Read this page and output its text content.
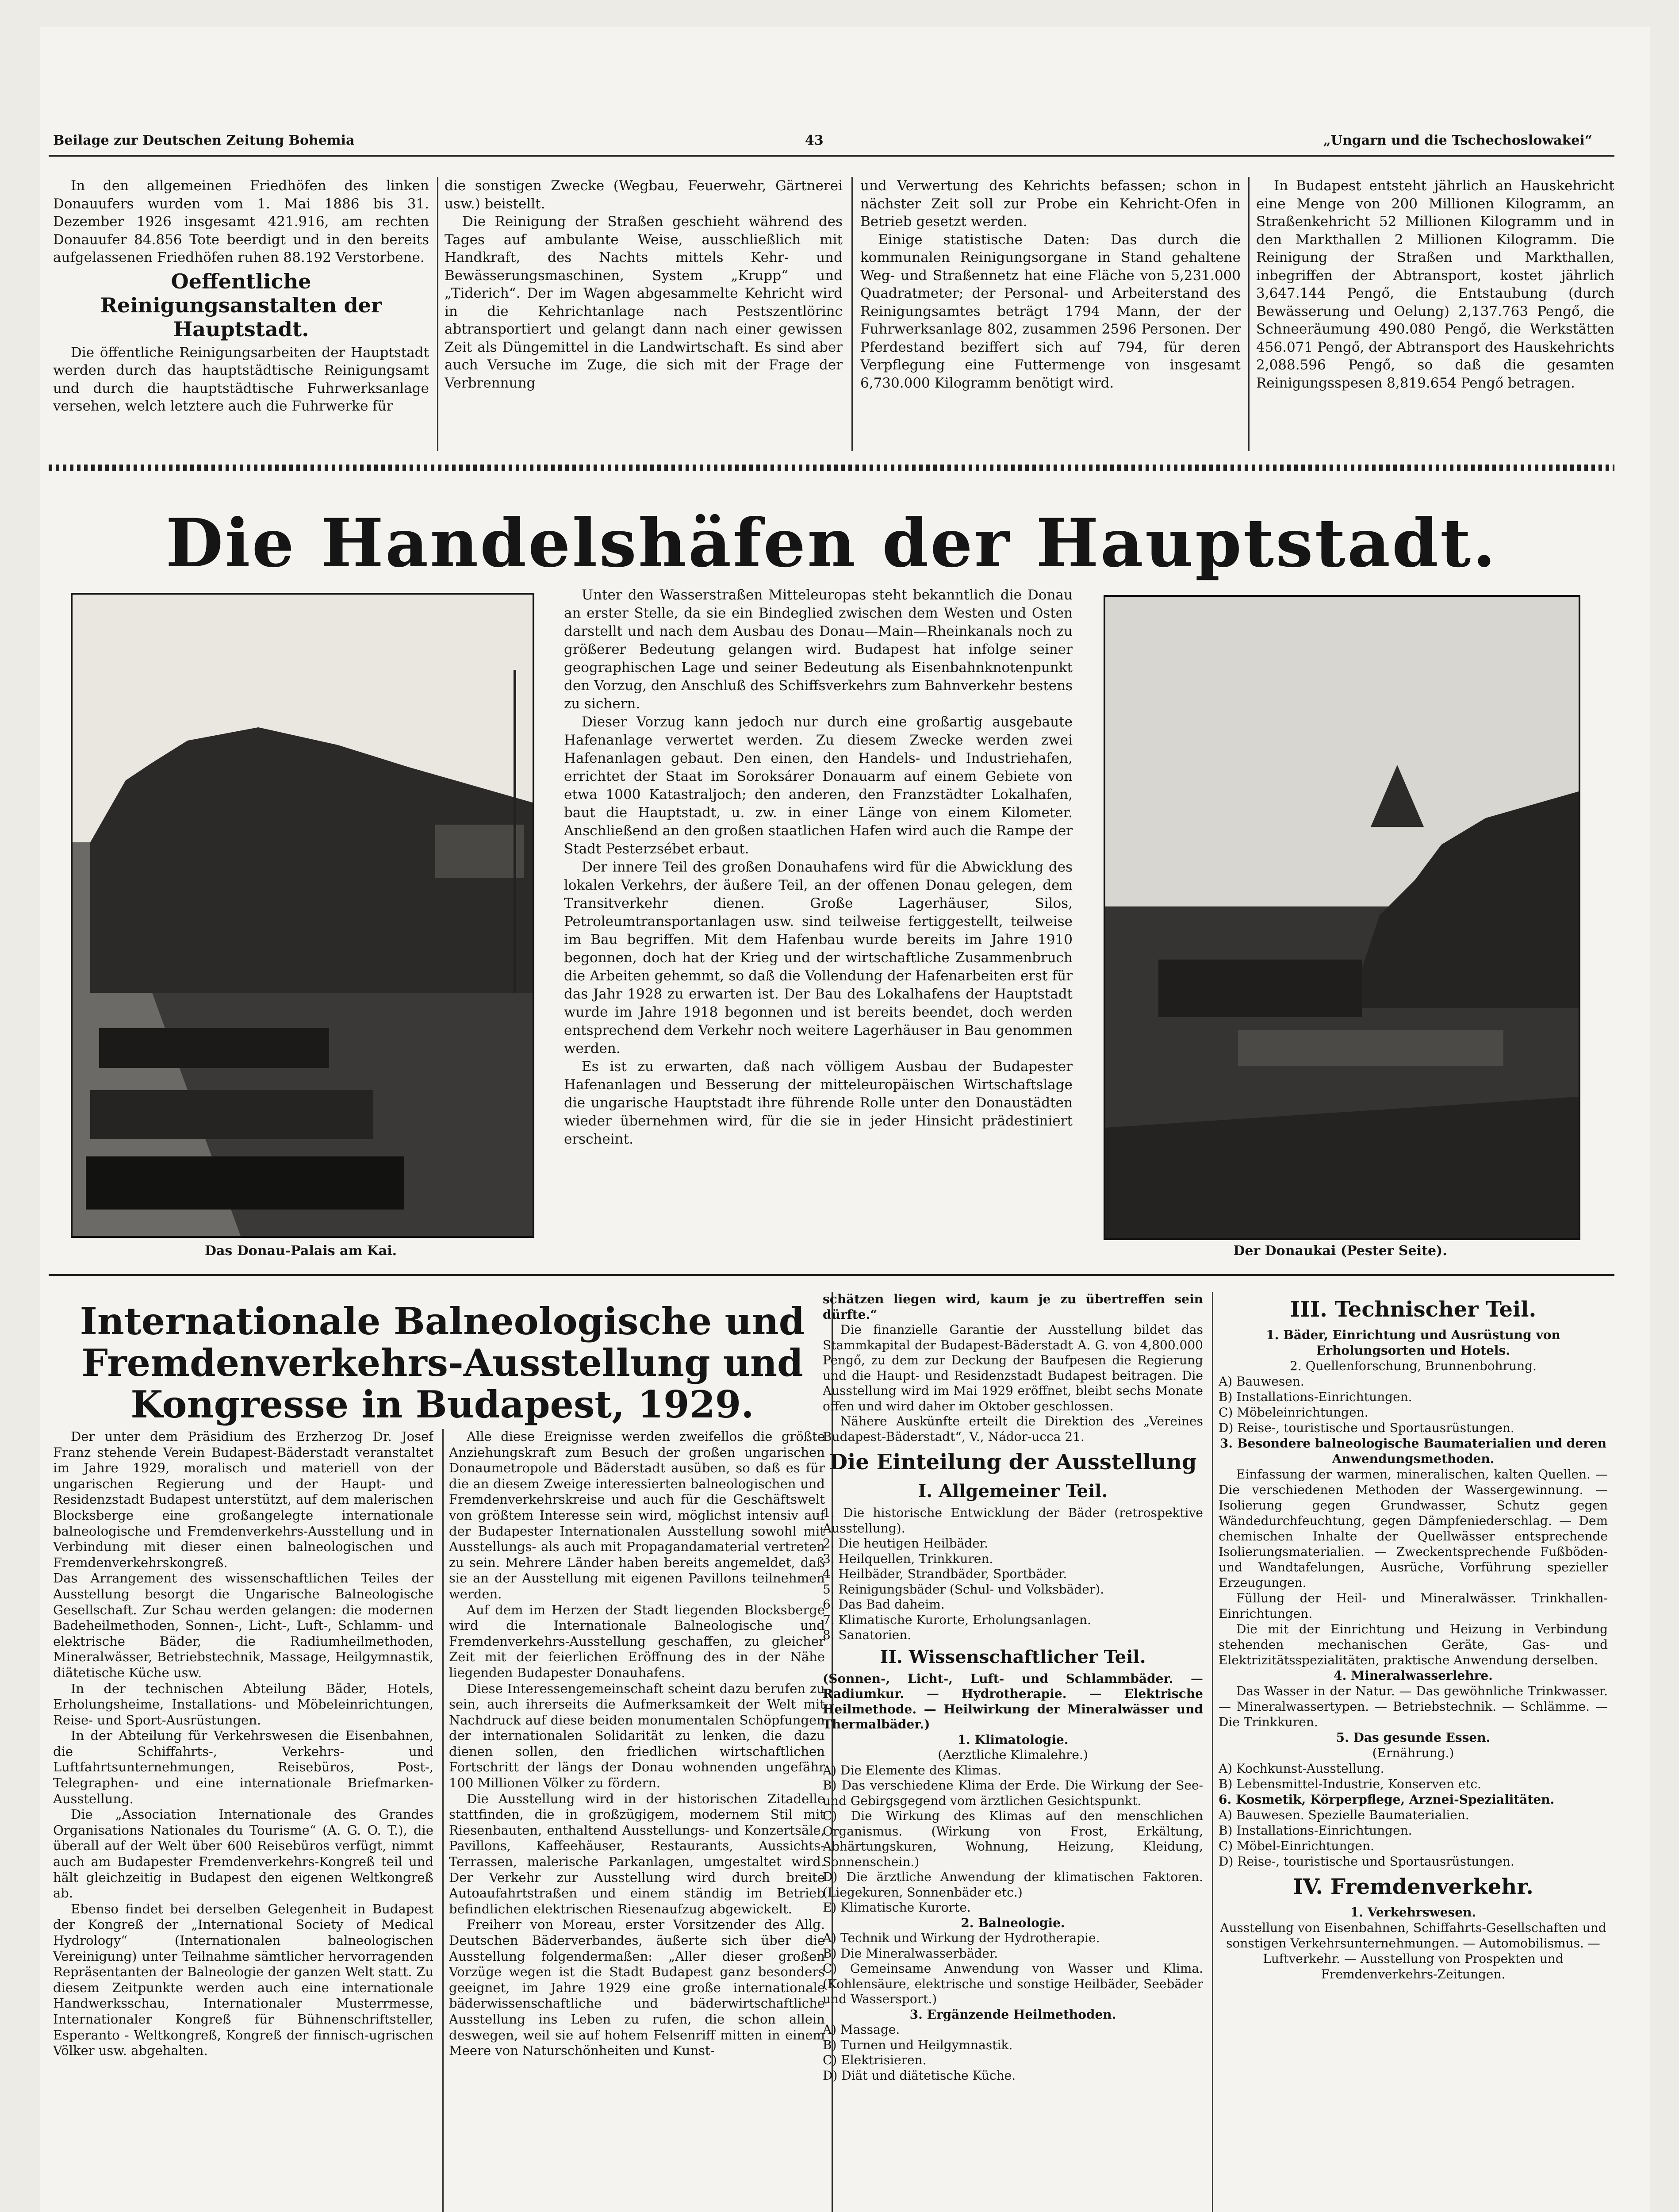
Beilage zur Deutschen Zeitung Bohemia	43	„Ungarn und die Tschechoslowakei“

In den allgemeinen Friedhöfen des linken Donauufers wurden vom 1. Mai 1886 bis 31. Dezember 1926 insgesamt 421.916, am rechten Donauufer 84.856 Tote beerdigt und in den bereits aufgelassenen Friedhöfen ruhen 88.192 Verstorbene.

Oeffentliche Reinigungsanstalten der Hauptstadt.

Die öffentliche Reinigungsarbeiten der Hauptstadt werden durch das hauptstädtische Reinigungsamt und durch die hauptstädtische Fuhrwerksanlage versehen, welch letztere auch die Fuhrwerke für

die sonstigen Zwecke (Wegbau, Feuerwehr, Gärtnerei usw.) beistellt.

Die Reinigung der Straßen geschieht während des Tages auf ambulante Weise, ausschließlich mit Handkraft, des Nachts mittels Kehr- und Bewässerungsmaschinen, System „Krupp“ und „Tiderich“. Der im Wagen abgesammelte Kehricht wird in die Kehrichtanlage nach Pestszentlörinc abtransportiert und gelangt dann nach einer gewissen Zeit als Düngemittel in die Landwirtschaft. Es sind aber auch Versuche im Zuge, die sich mit der Frage der Verbrennung

und Verwertung des Kehrichts befassen; schon in nächster Zeit soll zur Probe ein Kehricht-Ofen in Betrieb gesetzt werden.

Einige statistische Daten: Das durch die kommunalen Reinigungsorgane in Stand gehaltene Weg- und Straßennetz hat eine Fläche von 5,231.000 Quadratmeter; der Personal- und Arbeiterstand des Reinigungsamtes beträgt 1794 Mann, der der Fuhrwerksanlage 802, zusammen 2596 Personen. Der Pferdestand beziffert sich auf 794, für deren Verpflegung eine Futtermenge von insgesamt 6,730.000 Kilogramm benötigt wird.

In Budapest entsteht jährlich an Hauskehricht eine Menge von 200 Millionen Kilogramm, an Straßenkehricht 52 Millionen Kilogramm und in den Markthallen 2 Millionen Kilogramm. Die Reinigung der Straßen und Markthallen, inbegriffen der Abtransport, kostet jährlich 3,647.144 Pengő, die Entstaubung (durch Bewässerung und Oelung) 2,137.763 Pengő, die Schneeräumung 490.080 Pengő, die Werkstätten 456.071 Pengő, der Abtransport des Hauskehrichts 2,088.596 Pengő, so daß die gesamten Reinigungsspesen 8,819.654 Pengő betragen.

Die Handelshäfen der Hauptstadt.
Das Donau-Palais am Kai.

Unter den Wasserstraßen Mitteleuropas steht bekanntlich die Donau an erster Stelle, da sie ein Bindeglied zwischen dem Westen und Osten darstellt und nach dem Ausbau des Donau—Main—Rheinkanals noch zu größerer Bedeutung gelangen wird. Budapest hat infolge seiner geographischen Lage und seiner Bedeutung als Eisenbahnknotenpunkt den Vorzug, den Anschluß des Schiffsverkehrs zum Bahnverkehr bestens zu sichern.

Dieser Vorzug kann jedoch nur durch eine großartig ausgebaute Hafenanlage verwertet werden. Zu diesem Zwecke werden zwei Hafenanlagen gebaut. Den einen, den Handels- und Industriehafen, errichtet der Staat im Soroksárer Donauarm auf einem Gebiete von etwa 1000 Katastraljoch; den anderen, den Franzstädter Lokalhafen, baut die Hauptstadt, u. zw. in einer Länge von einem Kilometer. Anschließend an den großen staatlichen Hafen wird auch die Rampe der Stadt Pesterzsébet erbaut.

Der innere Teil des großen Donauhafens wird für die Abwicklung des lokalen Verkehrs, der äußere Teil, an der offenen Donau gelegen, dem Transitverkehr dienen. Große Lagerhäuser, Silos, Petroleumtransportanlagen usw. sind teilweise fertiggestellt, teilweise im Bau begriffen. Mit dem Hafenbau wurde bereits im Jahre 1910 begonnen, doch hat der Krieg und der wirtschaftliche Zusammenbruch die Arbeiten gehemmt, so daß die Vollendung der Hafenarbeiten erst für das Jahr 1928 zu erwarten ist. Der Bau des Lokalhafens der Hauptstadt wurde im Jahre 1918 begonnen und ist bereits beendet, doch werden entsprechend dem Verkehr noch weitere Lagerhäuser in Bau genommen werden.

Es ist zu erwarten, daß nach völligem Ausbau der Budapester Hafenanlagen und Besserung der mitteleuropäischen Wirtschaftslage die ungarische Hauptstadt ihre führende Rolle unter den Donaustädten wieder übernehmen wird, für die sie in jeder Hinsicht prädestiniert erscheint.

Der Donaukai (Pester Seite).
Internationale Balneologische und Fremdenverkehrs-Ausstellung und Kongresse in Budapest, 1929.

Der unter dem Präsidium des Erzherzog Dr. Josef Franz stehende Verein Budapest-Bäderstadt veranstaltet im Jahre 1929, moralisch und materiell von der ungarischen Regierung und der Haupt- und Residenzstadt Budapest unterstützt, auf dem malerischen Blocksberge eine großangelegte internationale balneologische und Fremdenverkehrs-Ausstellung und in Verbindung mit dieser einen balneologischen und Fremdenverkehrskongreß.

Das Arrangement des wissenschaftlichen Teiles der Ausstellung besorgt die Ungarische Balneologische Gesellschaft. Zur Schau werden gelangen: die modernen Badeheilmethoden, Sonnen-, Licht-, Luft-, Schlamm- und elektrische Bäder, die Radiumheilmethoden, Mineralwässer, Betriebstechnik, Massage, Heilgymnastik, diätetische Küche usw.

In der technischen Abteilung Bäder, Hotels, Erholungsheime, Installations- und Möbeleinrichtungen, Reise- und Sport-Ausrüstungen.

In der Abteilung für Verkehrswesen die Eisenbahnen, die Schiffahrts-, Verkehrs- und Luftfahrtsunternehmungen, Reisebüros, Post-, Telegraphen- und eine internationale Briefmarken-Ausstellung.

Die „Association Internationale des Grandes Organisations Nationales du Tourisme“ (A. G. O. T.), die überall auf der Welt über 600 Reisebüros verfügt, nimmt auch am Budapester Fremdenverkehrs-Kongreß teil und hält gleichzeitig in Budapest den eigenen Weltkongreß ab.

Ebenso findet bei derselben Gelegenheit in Budapest der Kongreß der „International Society of Medical Hydrology“ (Internationalen balneologischen Vereinigung) unter Teilnahme sämtlicher hervorragenden Repräsentanten der Balneologie der ganzen Welt statt. Zu diesem Zeitpunkte werden auch eine internationale Handwerksschau, Internationaler Musterrmesse, Internationaler Kongreß für Bühnenschriftsteller, Esperanto - Weltkongreß, Kongreß der finnisch-ugrischen Völker usw. abgehalten.

Alle diese Ereignisse werden zweifellos die größte Anziehungskraft zum Besuch der großen ungarischen Donaumetropole und Bäderstadt ausüben, so daß es für die an diesem Zweige interessierten balneologischen und Fremdenverkehrskreise und auch für die Geschäftswelt von größtem Interesse sein wird, möglichst intensiv auf der Budapester Internationalen Ausstellung sowohl mit Ausstellungs- als auch mit Propagandamaterial vertreten zu sein. Mehrere Länder haben bereits angemeldet, daß sie an der Ausstellung mit eigenen Pavillons teilnehmen werden.

Auf dem im Herzen der Stadt liegenden Blocksberge wird die Internationale Balneologische und Fremdenverkehrs-Ausstellung geschaffen, zu gleicher Zeit mit der feierlichen Eröffnung des in der Nähe liegenden Budapester Donauhafens.

Diese Interessengemeinschaft scheint dazu berufen zu sein, auch ihrerseits die Aufmerksamkeit der Welt mit Nachdruck auf diese beiden monumentalen Schöpfungen der internationalen Solidarität zu lenken, die dazu dienen sollen, den friedlichen wirtschaftlichen Fortschritt der längs der Donau wohnenden ungefähr 100 Millionen Völker zu fördern.

Die Ausstellung wird in der historischen Zitadelle stattfinden, die in großzügigem, modernem Stil mit Riesenbauten, enthaltend Ausstellungs- und Konzertsäle, Pavillons, Kaffeehäuser, Restaurants, Aussichts-Terrassen, malerische Parkanlagen, umgestaltet wird. Der Verkehr zur Ausstellung wird durch breite Autoaufahrtstraßen und einem ständig im Betrieb befindlichen elektrischen Riesenaufzug abgewickelt.

Freiherr von Moreau, erster Vorsitzender des Allg. Deutschen Bäderverbandes, äußerte sich über die Ausstellung folgendermaßen: „Aller dieser großen Vorzüge wegen ist die Stadt Budapest ganz besonders geeignet, im Jahre 1929 eine große internationale bäderwissenschaftliche und bäderwirtschaftliche Ausstellung ins Leben zu rufen, die schon allein deswegen, weil sie auf hohem Felsenriff mitten in einem Meere von Naturschönheiten und Kunst-

schätzen liegen wird, kaum je zu übertreffen sein dürfte.“

Die finanzielle Garantie der Ausstellung bildet das Stammkapital der Budapest-Bäderstadt A. G. von 4,800.000 Pengő, zu dem zur Deckung der Baufpesen die Regierung und die Haupt- und Residenzstadt Budapest beitragen. Die Ausstellung wird im Mai 1929 eröffnet, bleibt sechs Monate offen und wird daher im Oktober geschlossen.

Nähere Auskünfte erteilt die Direktion des „Vereines Budapest-Bäderstadt“, V., Nádor-ucca 21.

Die Einteilung der Ausstellung
I. Allgemeiner Teil.
1. Die historische Entwicklung der Bäder (retrospektive Ausstellung).
2. Die heutigen Heilbäder.
3. Heilquellen, Trinkkuren.
4. Heilbäder, Strandbäder, Sportbäder.
5. Reinigungsbäder (Schul- und Volksbäder).
6. Das Bad daheim.
7. Klimatische Kurorte, Erholungsanlagen.
8. Sanatorien.
II. Wissenschaftlicher Teil.

(Sonnen-, Licht-, Luft- und Schlammbäder. — Radiumkur. — Hydrotherapie. — Elektrische Heilmethode. — Heilwirkung der Mineralwässer und Thermalbäder.)

1. Klimatologie.
(Aerztliche Klimalehre.)
A) Die Elemente des Klimas.
B) Das verschiedene Klima der Erde. Die Wirkung der See- und Gebirgsgegend vom ärztlichen Gesichtspunkt.
C) Die Wirkung des Klimas auf den menschlichen Organismus. (Wirkung von Frost, Erkältung, Abhärtungskuren, Wohnung, Heizung, Kleidung, Sonnenschein.)
D) Die ärztliche Anwendung der klimatischen Faktoren. (Liegekuren, Sonnenbäder etc.)
E) Klimatische Kurorte.
2. Balneologie.
A) Technik und Wirkung der Hydrotherapie.
B) Die Mineralwasserbäder.
C) Gemeinsame Anwendung von Wasser und Klima. (Kohlensäure, elektrische und sonstige Heilbäder, Seebäder und Wassersport.)
3. Ergänzende Heilmethoden.
A) Massage.
B) Turnen und Heilgymnastik.
C) Elektrisieren.
D) Diät und diätetische Küche.
III. Technischer Teil.

1. Bäder, Einrichtung und Ausrüstung von Erholungsorten und Hotels.

2. Quellenforschung, Brunnenbohrung.

A) Bauwesen.
B) Installations-Einrichtungen.
C) Möbeleinrichtungen.
D) Reise-, touristische und Sportausrüstungen.

3. Besondere balneologische Baumaterialien und deren Anwendungsmethoden.

Einfassung der warmen, mineralischen, kalten Quellen. — Die verschiedenen Methoden der Wassergewinnung. — Isolierung gegen Grundwasser, Schutz gegen Wändedurchfeuchtung, gegen Dämpfeniederschlag. — Dem chemischen Inhalte der Quellwässer entsprechende Isolierungsmaterialien. — Zweckentsprechende Fußböden- und Wandtafelungen, Ausrüche, Vorführung spezieller Erzeugungen.

Füllung der Heil- und Mineralwässer. Trinkhallen-Einrichtungen.

Die mit der Einrichtung und Heizung in Verbindung stehenden mechanischen Geräte, Gas- und Elektrizitätsspezialitäten, praktische Anwendung derselben.

4. Mineralwasserlehre.

Das Wasser in der Natur. — Das gewöhnliche Trinkwasser. — Mineralwassertypen. — Betriebstechnik. — Schlämme. — Die Trinkkuren.

5. Das gesunde Essen.
(Ernährung.)
A) Kochkunst-Ausstellung.
B) Lebensmittel-Industrie, Konserven etc.
6. Kosmetik, Körperpflege, Arznei-Spezialitäten.
A) Bauwesen. Spezielle Baumaterialien.
B) Installations-Einrichtungen.
C) Möbel-Einrichtungen.
D) Reise-, touristische und Sportausrüstungen.
IV. Fremdenverkehr.
1. Verkehrswesen.

Ausstellung von Eisenbahnen, Schiffahrts-Gesellschaften und sonstigen Verkehrsunternehmungen. — Automobilismus. — Luftverkehr. — Ausstellung von Prospekten und Fremdenverkehrs-Zeitungen.
